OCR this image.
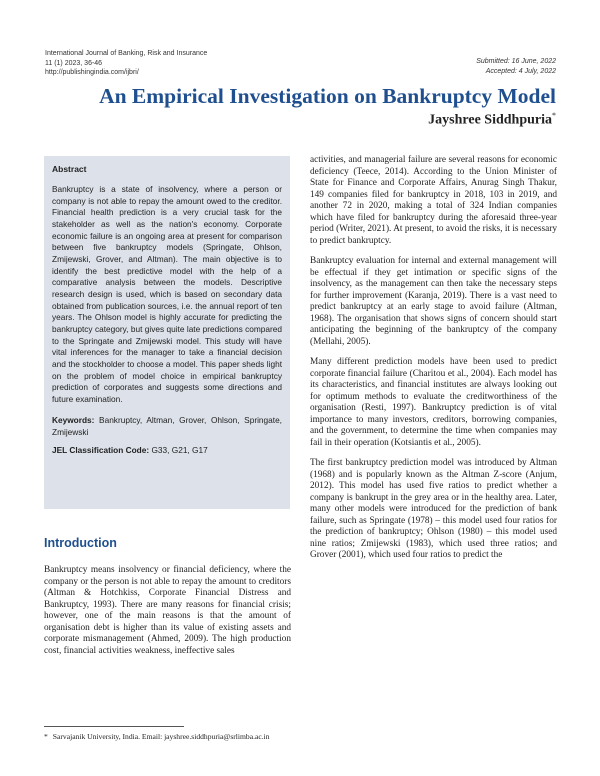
International Journal of Banking, Risk and Insurance
11 (1) 2023, 36-46
http://publishingindia.com/ijbri/
Submitted: 16 June, 2022
Accepted: 4 July, 2022
An Empirical Investigation on Bankruptcy Model
Jayshree Siddhpuria*
Abstract

Bankruptcy is a state of insolvency, where a person or company is not able to repay the amount owed to the creditor. Financial health prediction is a very crucial task for the stakeholder as well as the nation's economy. Corporate economic failure is an ongoing area at present for comparison between five bankruptcy models (Springate, Ohlson, Zmijewski, Grover, and Altman). The main objective is to identify the best predictive model with the help of a comparative analysis between the models. Descriptive research design is used, which is based on secondary data obtained from publication sources, i.e. the annual report of ten years. The Ohlson model is highly accurate for predicting the bankruptcy category, but gives quite late predictions compared to the Springate and Zmijewski model. This study will have vital inferences for the manager to take a financial decision and the stockholder to choose a model. This paper sheds light on the problem of model choice in empirical bankruptcy prediction of corporates and suggests some directions and future examination.

Keywords: Bankruptcy, Altman, Grover, Ohlson, Springate, Zmijewski
JEL Classification Code: G33, G21, G17
Introduction

Bankruptcy means insolvency or financial deficiency, where the company or the person is not able to repay the amount to creditors (Altman & Hotchkiss, Corporate Financial Distress and Bankruptcy, 1993). There are many reasons for financial crisis; however, one of the main reasons is that the amount of organisation debt is higher than its value of existing assets and corporate mismanagement (Ahmed, 2009). The high production cost, financial activities weakness, ineffective sales

activities, and managerial failure are several reasons for economic deficiency (Teece, 2014). According to the Union Minister of State for Finance and Corporate Affairs, Anurag Singh Thakur, 149 companies filed for bankruptcy in 2018, 103 in 2019, and another 72 in 2020, making a total of 324 Indian companies which have filed for bankruptcy during the aforesaid three-year period (Writer, 2021). At present, to avoid the risks, it is necessary to predict bankruptcy.

Bankruptcy evaluation for internal and external management will be effectual if they get intimation or specific signs of the insolvency, as the management can then take the necessary steps for further improvement (Karanja, 2019). There is a vast need to predict bankruptcy at an early stage to avoid failure (Altman, 1968). The organisation that shows signs of concern should start anticipating the beginning of the bankruptcy of the company (Mellahi, 2005).

Many different prediction models have been used to predict corporate financial failure (Charitou et al., 2004). Each model has its characteristics, and financial institutes are always looking out for optimum methods to evaluate the creditworthiness of the organisation (Resti, 1997). Bankruptcy prediction is of vital importance to many investors, creditors, borrowing companies, and the government, to determine the time when companies may fail in their operation (Kotsiantis et al., 2005).

The first bankruptcy prediction model was introduced by Altman (1968) and is popularly known as the Altman Z-score (Anjum, 2012). This model has used five ratios to predict whether a company is bankrupt in the grey area or in the healthy area. Later, many other models were introduced for the prediction of bank failure, such as Springate (1978) – this model used four ratios for the prediction of bankruptcy; Ohlson (1980) – this model used nine ratios; Zmijewski (1983), which used three ratios; and Grover (2001), which used four ratios to predict the

* Sarvajanik University, India. Email: jayshree.siddhpuria@srlimba.ac.in
